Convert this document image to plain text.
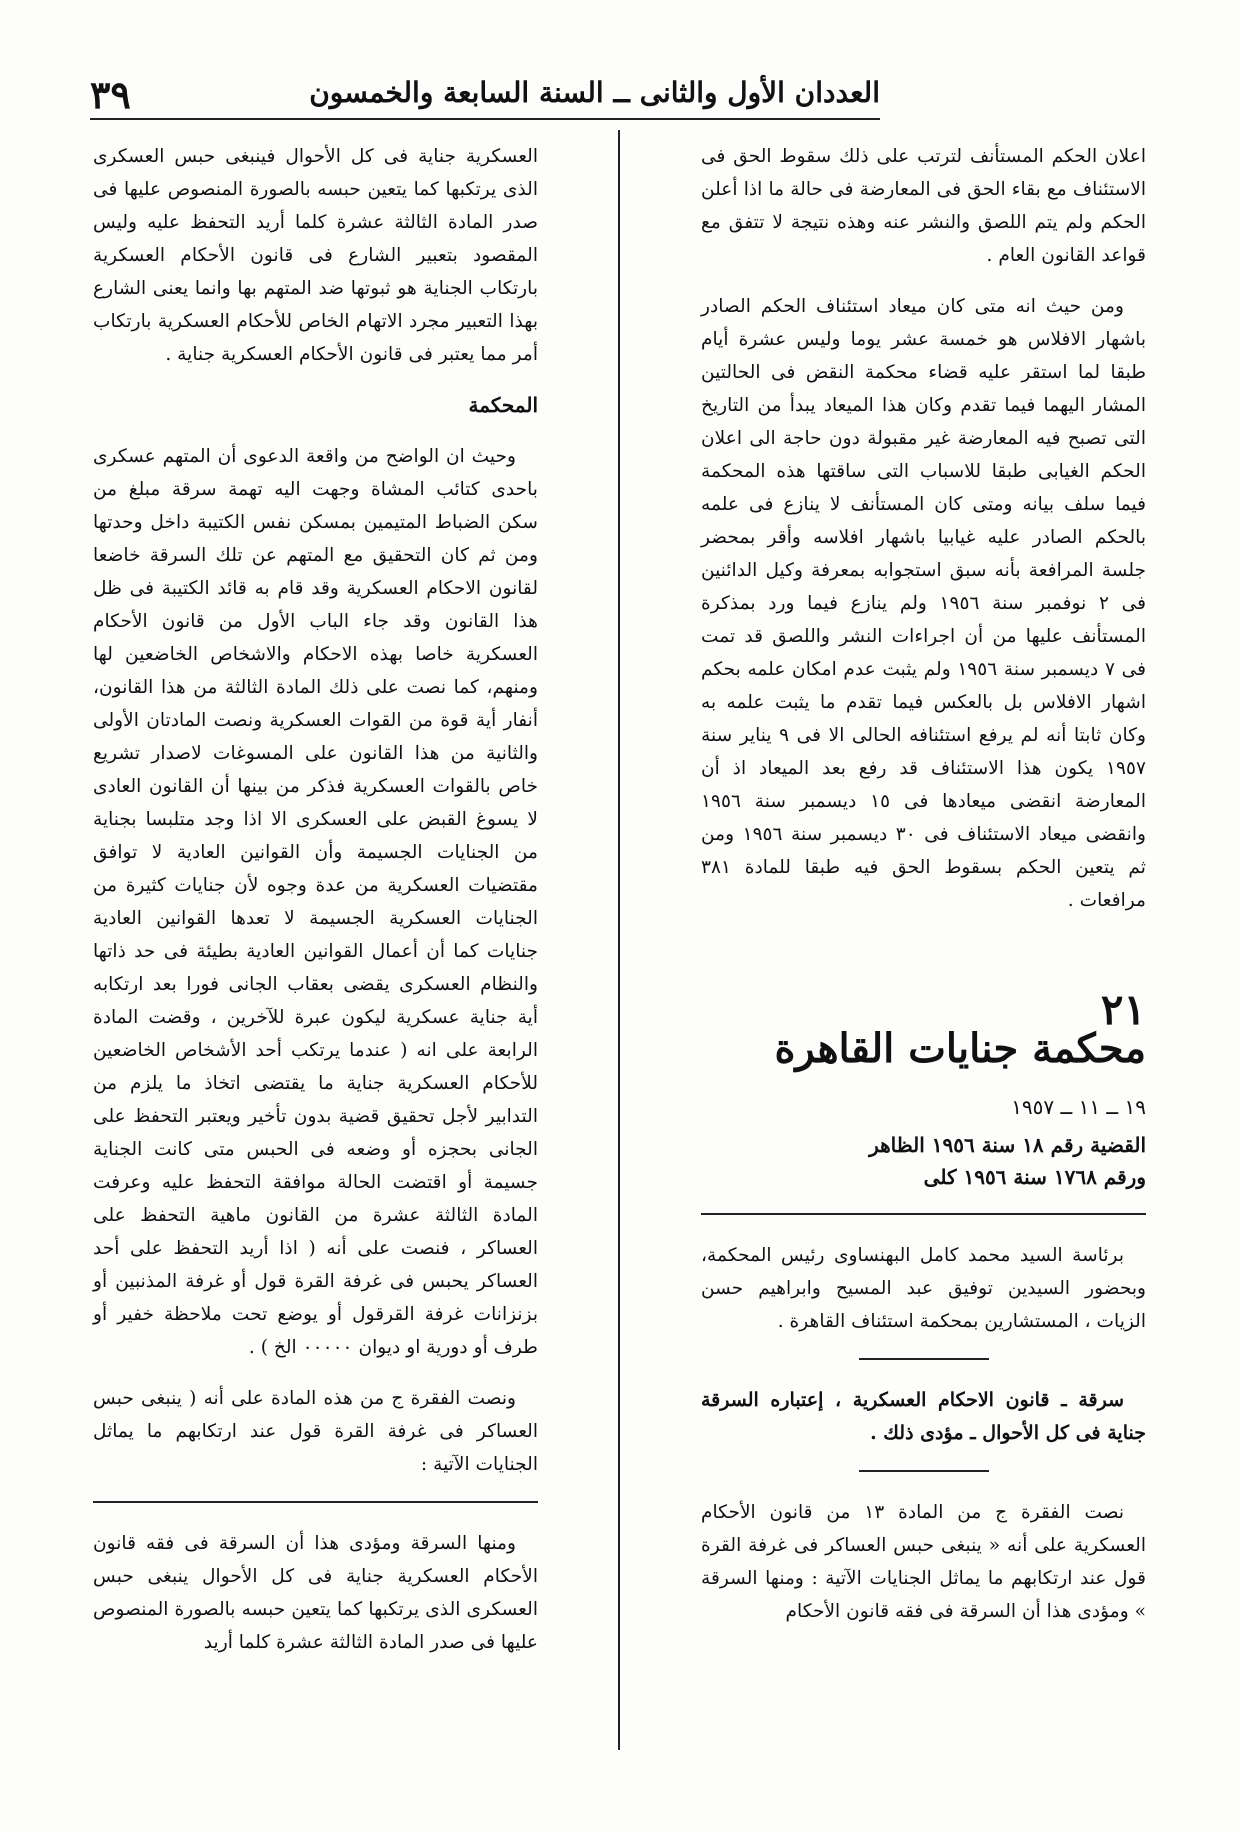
٣٩	العددان الأول والثانى ــ السنة السابعة والخمسون

اعلان الحكم المستأنف لترتب على ذلك سقوط الحق فى الاستئناف مع بقاء الحق فى المعارضة فى حالة ما اذا أعلن الحكم ولم يتم اللصق والنشر عنه وهذه نتيجة لا تتفق مع قواعد القانون العام .

ومن حيث انه متى كان ميعاد استئناف الحكم الصادر باشهار الافلاس هو خمسة عشر يوما وليس عشرة أيام طبقا لما استقر عليه قضاء محكمة النقض فى الحالتين المشار اليهما فيما تقدم وكان هذا الميعاد يبدأ من التاريخ التى تصبح فيه المعارضة غير مقبولة دون حاجة الى اعلان الحكم الغيابى طبقا للاسباب التى ساقتها هذه المحكمة فيما سلف بيانه ومتى كان المستأنف لا ينازع فى علمه بالحكم الصادر عليه غيابيا باشهار افلاسه وأقر بمحضر جلسة المرافعة بأنه سبق استجوابه بمعرفة وكيل الدائنين فى ٢ نوفمبر سنة ١٩٥٦ ولم ينازع فيما ورد بمذكرة المستأنف عليها من أن اجراءات النشر واللصق قد تمت فى ٧ ديسمبر سنة ١٩٥٦ ولم يثبت عدم امكان علمه بحكم اشهار الافلاس بل بالعكس فيما تقدم ما يثبت علمه به وكان ثابتا أنه لم يرفع استئنافه الحالى الا فى ٩ يناير سنة ١٩٥٧ يكون هذا الاستئناف قد رفع بعد الميعاد اذ أن المعارضة انقضى ميعادها فى ١٥ ديسمبر سنة ١٩٥٦ وانقضى ميعاد الاستئناف فى ٣٠ ديسمبر سنة ١٩٥٦ ومن ثم يتعين الحكم بسقوط الحق فيه طبقا للمادة ٣٨١ مرافعات .

٢١
محكمة جنايات القاهرة
١٩ ــ ١١ ــ ١٩٥٧
القضية رقم ١٨ سنة ١٩٥٦ الظاهر
ورقم ١٧٦٨ سنة ١٩٥٦ كلى

برئاسة السيد محمد كامل البهنساوى رئيس المحكمة، وبحضور السيدين توفيق عبد المسيح وابراهيم حسن الزيات ، المستشارين بمحكمة استئناف القاهرة .

سرقة ـ قانون الاحكام العسكرية ، إعتباره السرقة جناية فى كل الأحوال ـ مؤدى ذلك .

نصت الفقرة ج من المادة ١٣ من قانون الأحكام العسكرية على أنه « ينبغى حبس العساكر فى غرفة القرة قول عند ارتكابهم ما يماثل الجنايات الآتية : ومنها السرقة » ومؤدى هذا أن السرقة فى فقه قانون الأحكام

العسكرية جناية فى كل الأحوال فينبغى حبس العسكرى الذى يرتكبها كما يتعين حبسه بالصورة المنصوص عليها فى صدر المادة الثالثة عشرة كلما أريد التحفظ عليه وليس المقصود بتعبير الشارع فى قانون الأحكام العسكرية بارتكاب الجناية هو ثبوتها ضد المتهم بها وانما يعنى الشارع بهذا التعبير مجرد الاتهام الخاص للأحكام العسكرية بارتكاب أمر مما يعتبر فى قانون الأحكام العسكرية جناية .

المحكمة

وحيث ان الواضح من واقعة الدعوى أن المتهم عسكرى باحدى كتائب المشاة وجهت اليه تهمة سرقة مبلغ من سكن الضباط المتيمين بمسكن نفس الكتيبة داخل وحدتها ومن ثم كان التحقيق مع المتهم عن تلك السرقة خاضعا لقانون الاحكام العسكرية وقد قام به قائد الكتيبة فى ظل هذا القانون وقد جاء الباب الأول من قانون الأحكام العسكرية خاصا بهذه الاحكام والاشخاص الخاضعين لها ومنهم، كما نصت على ذلك المادة الثالثة من هذا القانون، أنفار أية قوة من القوات العسكرية ونصت المادتان الأولى والثانية من هذا القانون على المسوغات لاصدار تشريع خاص بالقوات العسكرية فذكر من بينها أن القانون العادى لا يسوغ القبض على العسكرى الا اذا وجد متلبسا بجناية من الجنايات الجسيمة وأن القوانين العادية لا توافق مقتضيات العسكرية من عدة وجوه لأن جنايات كثيرة من الجنايات العسكرية الجسيمة لا تعدها القوانين العادية جنايات كما أن أعمال القوانين العادية بطيئة فى حد ذاتها والنظام العسكرى يقضى بعقاب الجانى فورا بعد ارتكابه أية جناية عسكرية ليكون عبرة للآخرين ، وقضت المادة الرابعة على انه ( عندما يرتكب أحد الأشخاص الخاضعين للأحكام العسكرية جناية ما يقتضى اتخاذ ما يلزم من التدابير لأجل تحقيق قضية بدون تأخير ويعتبر التحفظ على الجانى بحجزه أو وضعه فى الحبس متى كانت الجناية جسيمة أو اقتضت الحالة موافقة التحفظ عليه وعرفت المادة الثالثة عشرة من القانون ماهية التحفظ على العساكر ، فنصت على أنه ( اذا أريد التحفظ على أحد العساكر يحبس فى غرفة القرة قول أو غرفة المذنبين أو بزنزانات غرفة القرقول أو يوضع تحت ملاحظة خفير أو طرف أو دورية او ديوان ٠٠٠٠٠ الخ ) .

ونصت الفقرة ج من هذه المادة على أنه ( ينبغى حبس العساكر فى غرفة القرة قول عند ارتكابهم ما يماثل الجنايات الآتية :

ومنها السرقة ومؤدى هذا أن السرقة فى فقه قانون الأحكام العسكرية جناية فى كل الأحوال ينبغى حبس العسكرى الذى يرتكبها كما يتعين حبسه بالصورة المنصوص عليها فى صدر المادة الثالثة عشرة كلما أريد
